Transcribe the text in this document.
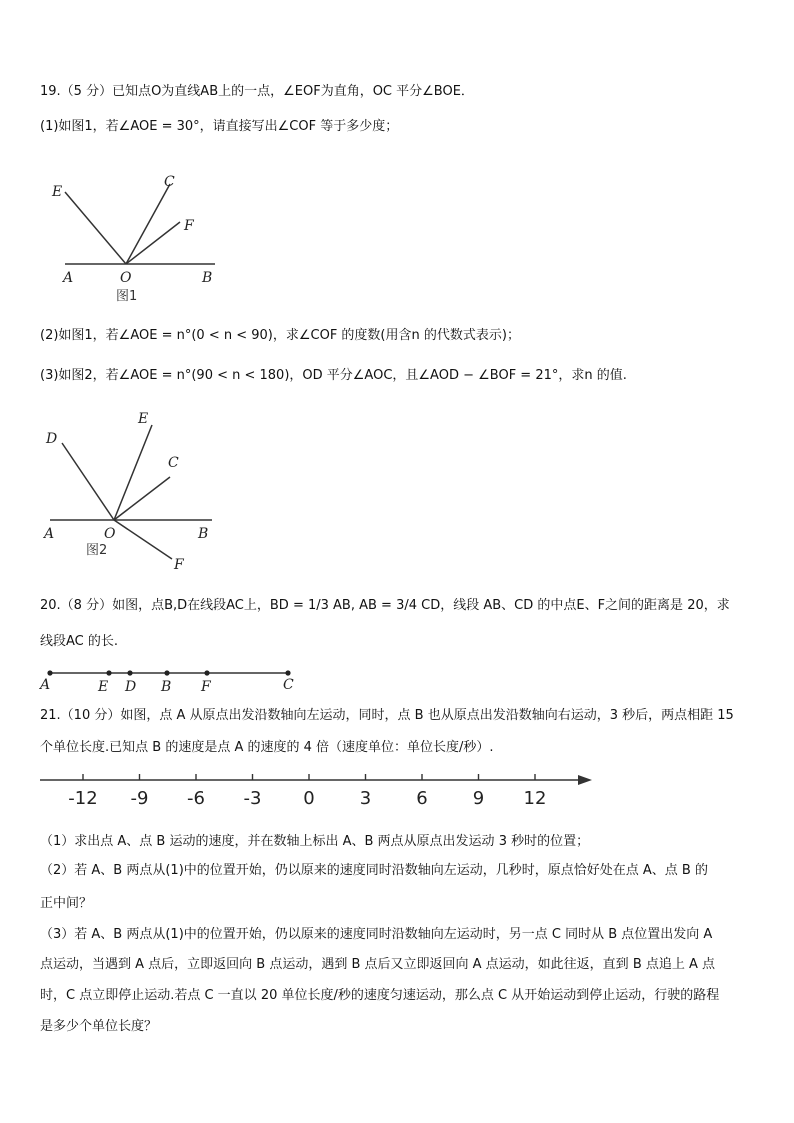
19.（5 分）已知点O为直线AB上的一点，∠EOF为直角，OC 平分∠BOE．
(1)如图1，若∠AOE = 30°，请直接写出∠COF 等于多少度；
E
C
F
A	O	B
图1
(2)如图1，若∠AOE = n°(0 < n < 90)，求∠COF 的度数(用含n 的代数式表示)；
(3)如图2，若∠AOE = n°(90 < n < 180)，OD 平分∠AOC，且∠AOD − ∠BOF = 21°，求n 的值.
D
E
C
A	O	B
F
图2
20.（8 分）如图，点B,D在线段AC上，BD = 1/3 AB, AB = 3/4 CD，线段 AB、CD 的中点E、F之间的距离是 20，求
线段AC 的长.
A	E D B F	C
21.（10 分）如图，点 A 从原点出发沿数轴向左运动，同时，点 B 也从原点出发沿数轴向右运动，3 秒后，两点相距 15
个单位长度.已知点 B 的速度是点 A 的速度的 4 倍（速度单位：单位长度/秒）.
-12 -9 -6 -3 0	3	6	9 12
（1）求出点 A、点 B 运动的速度，并在数轴上标出 A、B 两点从原点出发运动 3 秒时的位置；
（2）若 A、B 两点从(1)中的位置开始，仍以原来的速度同时沿数轴向左运动，几秒时，原点恰好处在点 A、点 B 的
正中间？
（3）若 A、B 两点从(1)中的位置开始，仍以原来的速度同时沿数轴向左运动时，另一点 C 同时从 B 点位置出发向 A
点运动，当遇到 A 点后，立即返回向 B 点运动，遇到 B 点后又立即返回向 A 点运动，如此往返，直到 B 点追上 A 点
时，C 点立即停止运动.若点 C 一直以 20 单位长度/秒的速度匀速运动，那么点 C 从开始运动到停止运动，行驶的路程
是多少个单位长度？
